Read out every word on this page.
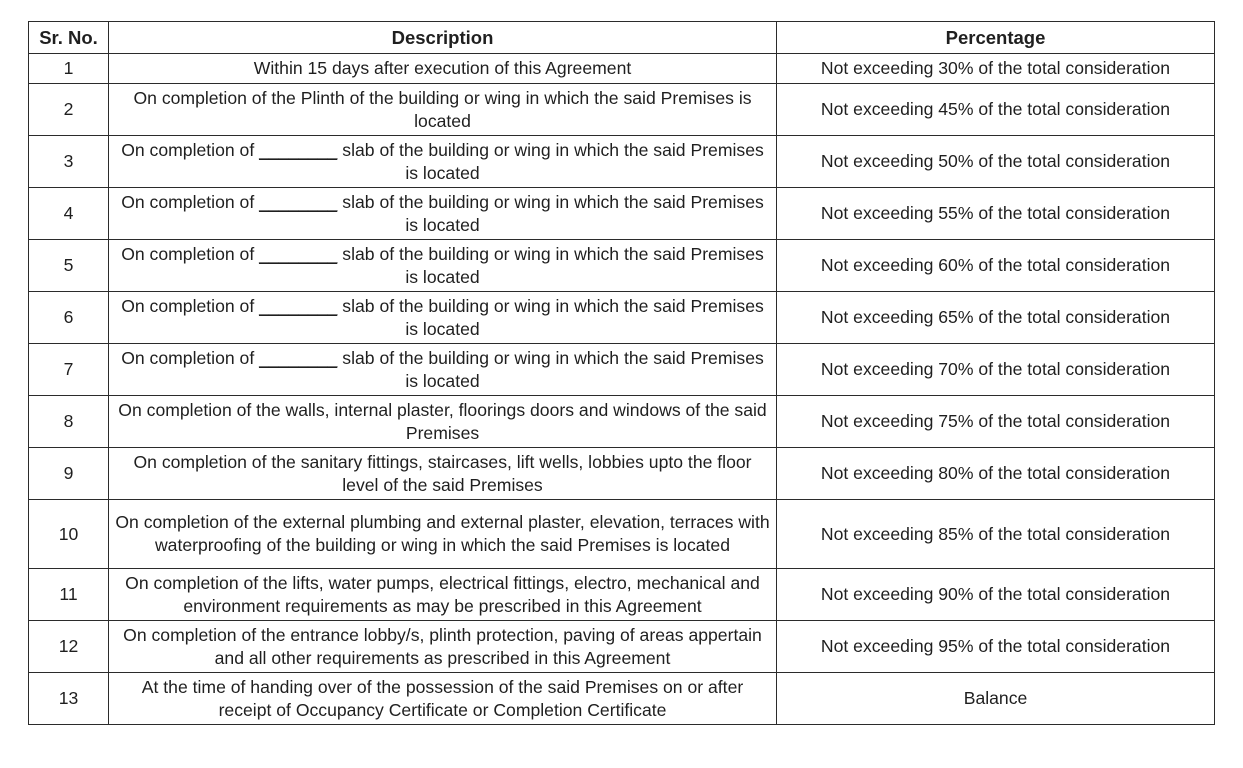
Sr. No.	Description	Percentage
1	Within 15 days after execution of this Agreement	Not exceeding 30% of the total consideration
2	On completion of the Plinth of the building or wing in which the said Premises is located	Not exceeding 45% of the total consideration
3	On completion of ________ slab of the building or wing in which the said Premises is located	Not exceeding 50% of the total consideration
4	On completion of ________ slab of the building or wing in which the said Premises is located	Not exceeding 55% of the total consideration
5	On completion of ________ slab of the building or wing in which the said Premises is located	Not exceeding 60% of the total consideration
6	On completion of ________ slab of the building or wing in which the said Premises is located	Not exceeding 65% of the total consideration
7	On completion of ________ slab of the building or wing in which the said Premises is located	Not exceeding 70% of the total consideration
8	On completion of the walls, internal plaster, floorings doors and windows of the said Premises	Not exceeding 75% of the total consideration
9	On completion of the sanitary fittings, staircases, lift wells, lobbies upto the floor level of the said Premises	Not exceeding 80% of the total consideration
10	On completion of the external plumbing and external plaster, elevation, terraces with waterproofing of the building or wing in which the said Premises is located	Not exceeding 85% of the total consideration
11	On completion of the lifts, water pumps, electrical fittings, electro, mechanical and environment requirements as may be prescribed in this Agreement	Not exceeding 90% of the total consideration
12	On completion of the entrance lobby/s, plinth protection, paving of areas appertain and all other requirements as prescribed in this Agreement	Not exceeding 95% of the total consideration
13	At the time of handing over of the possession of the said Premises on or after receipt of Occupancy Certificate or Completion Certificate	Balance
